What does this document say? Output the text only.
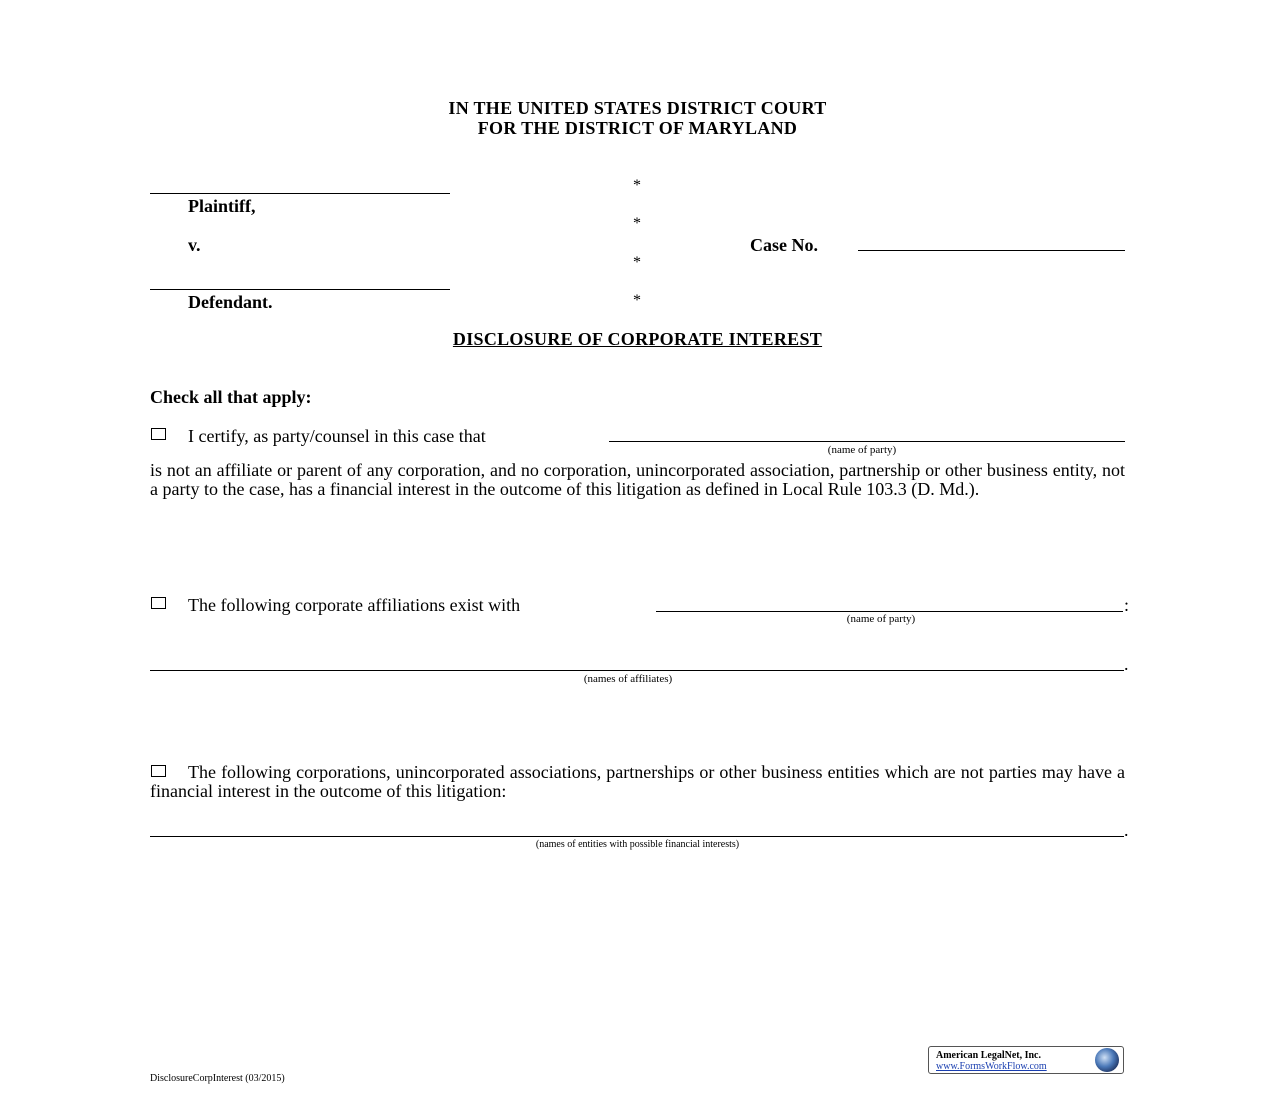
IN THE UNITED STATES DISTRICT COURT
FOR THE DISTRICT OF MARYLAND
Plaintiff,
v.
Defendant.
*
*
*
*
Case No.
DISCLOSURE OF CORPORATE INTEREST
Check all that apply:
I certify, as party/counsel in this case that
(name of party)
is not an affiliate or parent of any corporation, and no corporation, unincorporated association, partnership or other business entity, not a party to the case, has a financial interest in the outcome of this litigation as defined in Local Rule 103.3 (D. Md.).
The following corporate affiliations exist with	:
(name of party)
.
(names of affiliates)
The following corporations, unincorporated associations, partnerships or other business entities which are not parties may have a financial interest in the outcome of this litigation:
.
(names of entities with possible financial interests)
American LegalNet, Inc.
www.FormsWorkFlow.com
DisclosureCorpInterest (03/2015)
